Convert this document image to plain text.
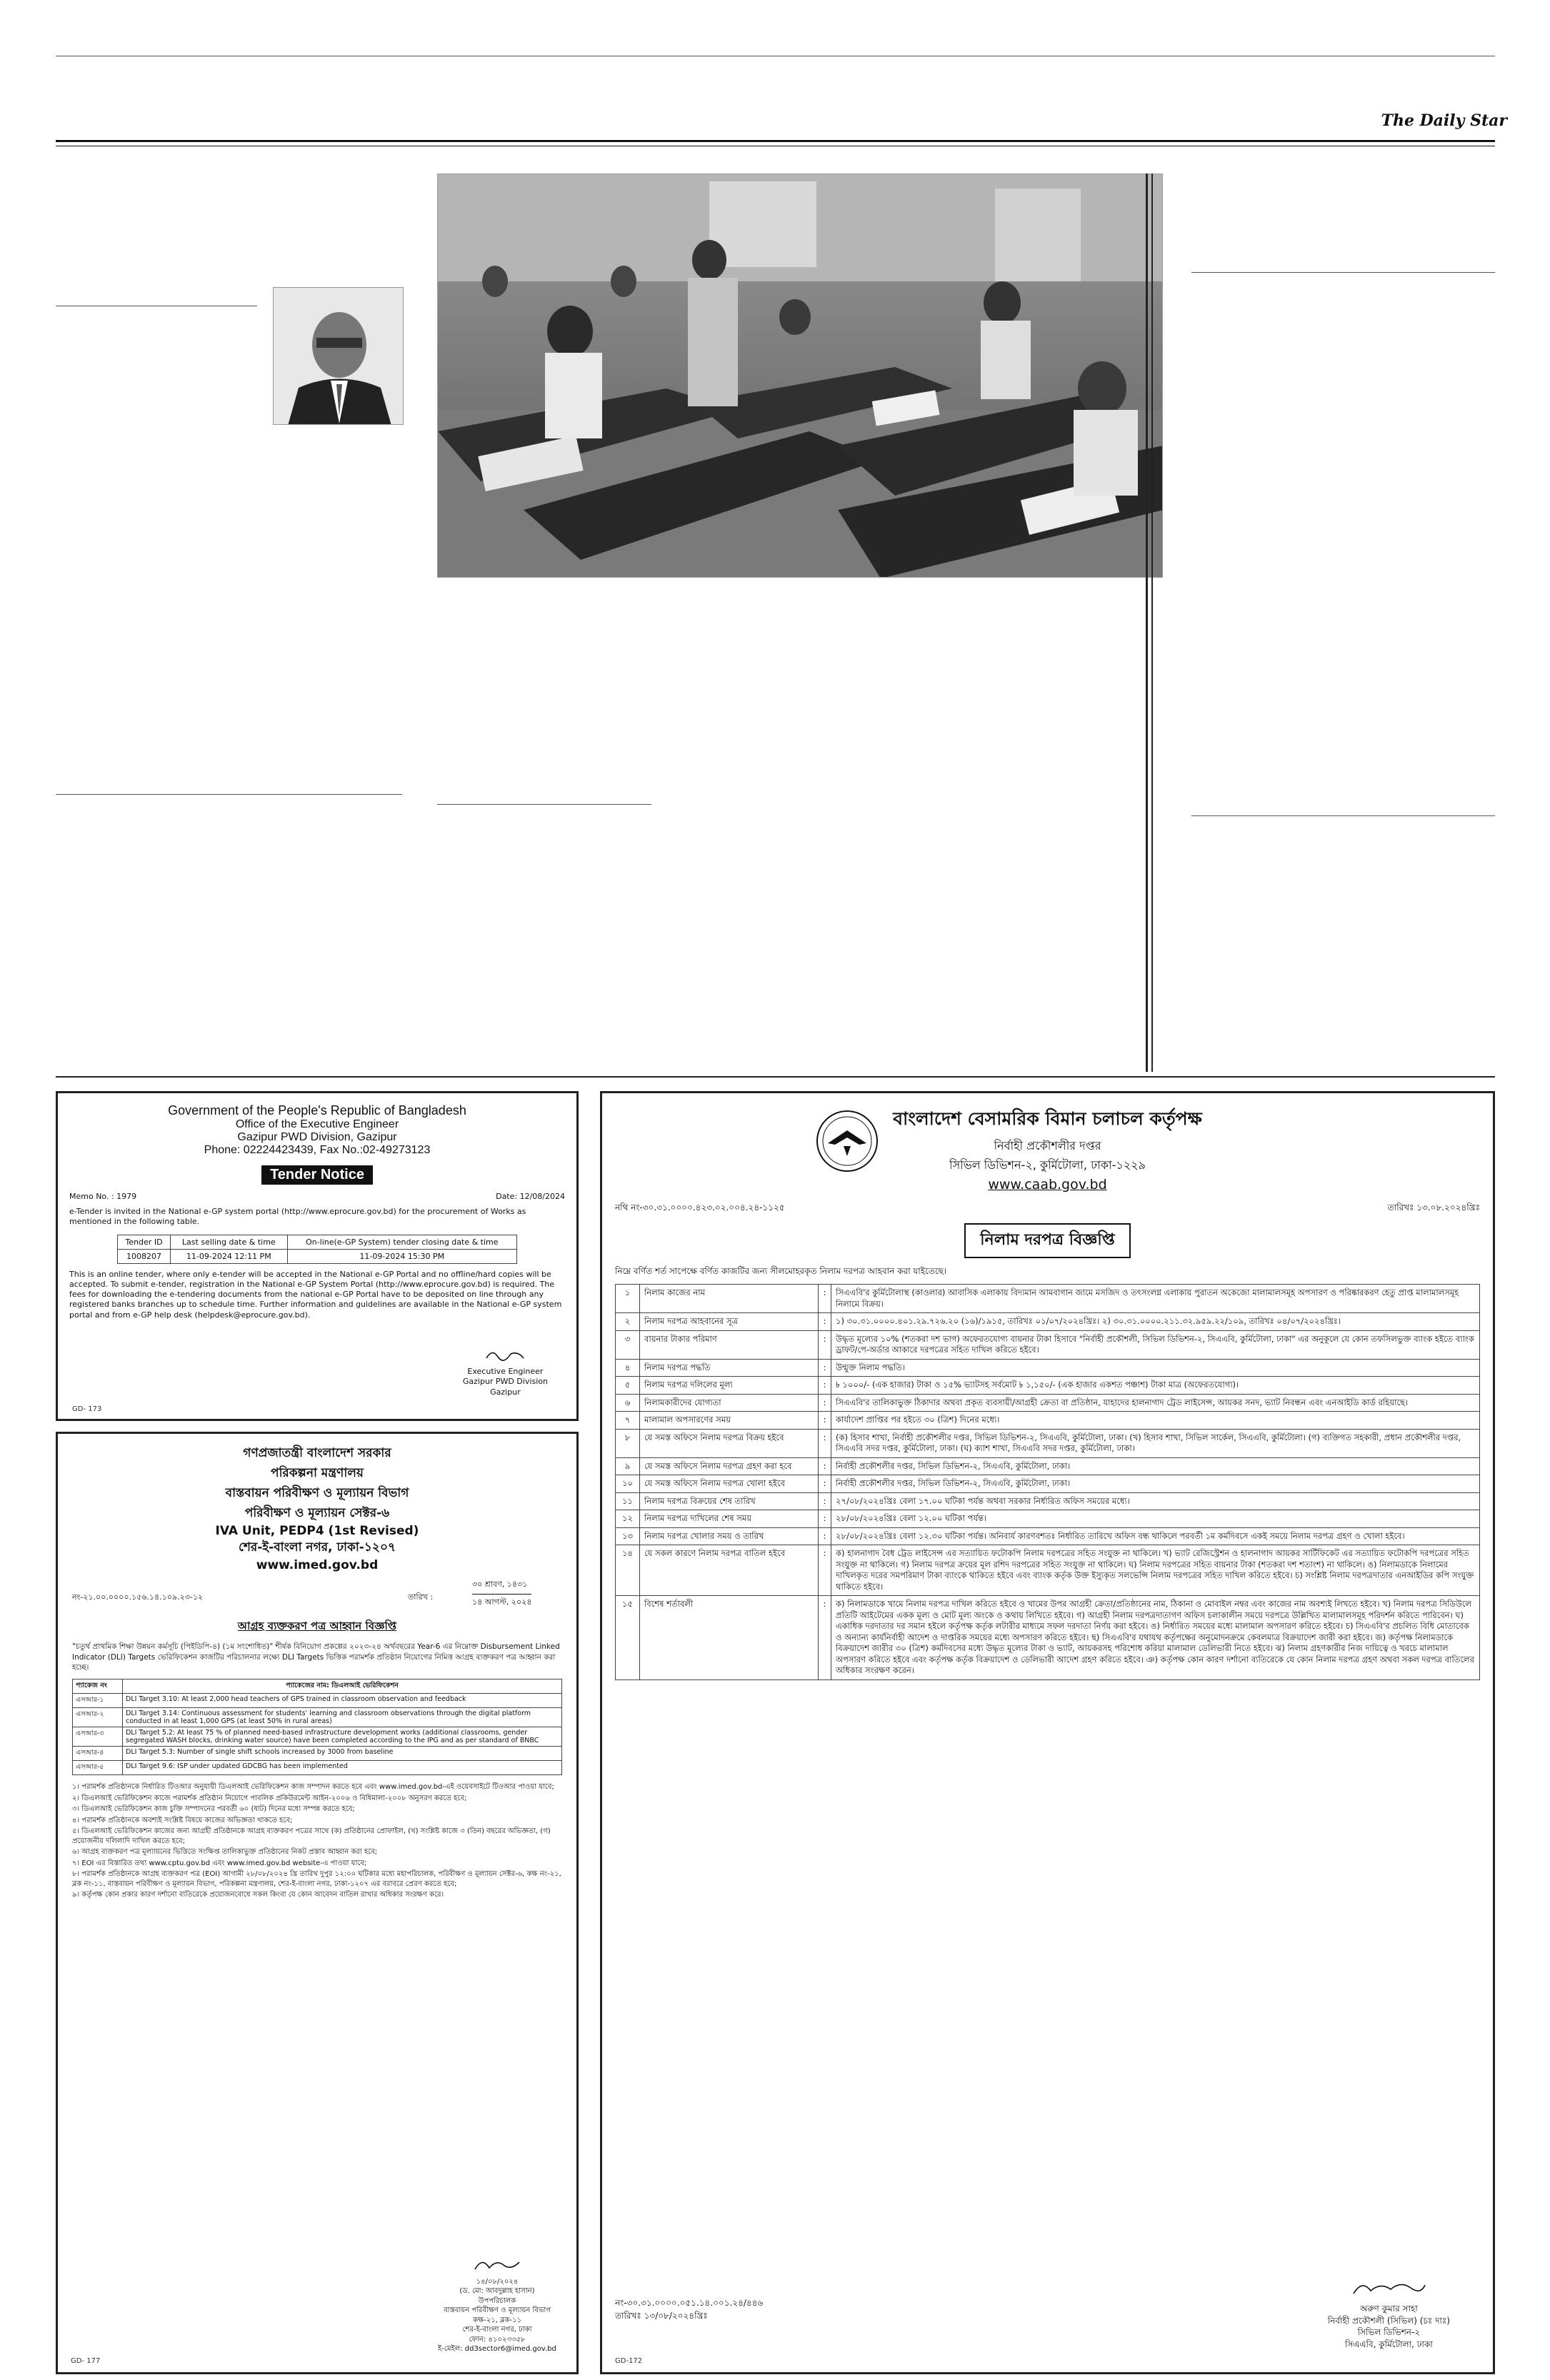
The Daily Star
Government of the People's Republic of Bangladesh
Office of the Executive Engineer
Gazipur PWD Division, Gazipur
Phone: 02224423439, Fax No.:02-49273123
Tender Notice
Memo No. : 1979	Date: 12/08/2024
e-Tender is invited in the National e-GP system portal (http://www.eprocure.gov.bd) for the procurement of Works as mentioned in the following table.
Tender ID	Last selling date & time	On-line(e-GP System) tender closing date & time
1008207	11-09-2024 12:11 PM	11-09-2024 15:30 PM
This is an online tender, where only e-tender will be accepted in the National e-GP Portal and no offline/hard copies will be accepted. To submit e-tender, registration in the National e-GP System Portal (http://www.eprocure.gov.bd) is required. The fees for downloading the e-tendering documents from the national e-GP Portal have to be deposited on line through any registered banks branches up to schedule time. Further information and guidelines are available in the National e-GP system portal and from e-GP help desk (helpdesk@eprocure.gov.bd).
Executive Engineer
Gazipur PWD Division
Gazipur
GD- 173
গণপ্রজাতন্ত্রী বাংলাদেশ সরকার
পরিকল্পনা মন্ত্রণালয়
বাস্তবায়ন পরিবীক্ষণ ও মূল্যায়ন বিভাগ
পরিবীক্ষণ ও মূল্যায়ন সেক্টর-৬
IVA Unit, PEDP4 (1st Revised)
শের-ই-বাংলা নগর, ঢাকা-১২০৭
www.imed.gov.bd
নং-২১.০০.০০০০.১৫৬.১৪.১০৯.২৩-১২	তারিখ :
৩০ শ্রাবণ, ১৪৩১
১৪ আগস্ট, ২০২৪
আগ্রহ ব্যক্তকরণ পত্র আহ্বান বিজ্ঞপ্তি
"চতুর্থ প্রাথমিক শিক্ষা উন্নয়ন কর্মসূচি (পিইডিপি-৪) (১ম সংশোধিত)" শীর্ষক বিনিয়োগ প্রকল্পের ২০২৩-২৪ অর্থবছরের Year-6 এর নিম্নোক্ত Disbursement Linked Indicator (DLI) Targets ভেরিফিকেশন কাজটির পরিচালনার লক্ষ্যে DLI Targets ভিত্তিক পরামর্শক প্রতিষ্ঠান নিয়োগের নিমিত্ত আগ্রহ ব্যক্তকরণ পত্র আহ্বান করা হচ্ছে।
প্যাকেজ নং	প্যাকেজের নাম: ডিএলআই ভেরিফিকেশন
এসআর-১	DLI Target 3.10: At least 2,000 head teachers of GPS trained in classroom observation and feedback
এসআর-২	DLI Target 3.14: Continuous assessment for students' learning and classroom observations through the digital platform conducted in at least 1,000 GPS (at least 50% in rural areas)
এসআর-৩	DLI Target 5.2: At least 75 % of planned need-based infrastructure development works (additional classrooms, gender segregated WASH blocks, drinking water source) have been completed according to the IPG and as per standard of BNBC
এসআর-৪	DLI Target 5.3: Number of single shift schools increased by 3000 from baseline
এসআর-৫	DLI Target 9.6: ISP under updated GDCBG has been implemented
১। পরামর্শক প্রতিষ্ঠানকে নির্ধারিত টিওআর অনুযায়ী ডিএলআই ভেরিফিকেশন কাজ সম্পাদন করতে হবে এবং www.imed.gov.bd-এই ওয়েবসাইটে টিওআর পাওয়া যাবে;
২। ডিএলআই ভেরিফিকেশন কাজে পরামর্শক প্রতিষ্ঠান নিয়োগে পাবলিক প্রকিউরমেন্ট আইন-২০০৬ ও বিধিমালা-২০০৮ অনুসরণ করতে হবে;
৩। ডিএলআই ভেরিফিকেশন কাজ চুক্তি সম্পাদনের পরবর্তী ৬০ (ষাট) দিনের মধ্যে সম্পন্ন করতে হবে;
৪। পরামর্শক প্রতিষ্ঠানকে অবশ্যই সংশ্লিষ্ট বিষয়ে কাজের অভিজ্ঞতা থাকতে হবে;
৫। ডিএলআই ভেরিফিকেশন কাজের জন্য আগ্রহী প্রতিষ্ঠানকে আগ্রহ ব্যক্তকরণ পত্রের সাথে (ক) প্রতিষ্ঠানের প্রোফাইল, (খ) সংশ্লিষ্ট কাজে ৩ (তিন) বছরের অভিজ্ঞতা, (গ) প্রয়োজনীয় দলিলাদি দাখিল করতে হবে;
৬। আগ্রহ ব্যক্তকরণ পত্র মূল্যায়নের ভিত্তিতে সংক্ষিপ্ত তালিকাভুক্ত প্রতিষ্ঠানের নিকট প্রস্তাব আহ্বান করা হবে;
৭। EOI এর বিস্তারিত তথ্য www.cptu.gov.bd এবং www.imed.gov.bd website-এ পাওয়া যাবে;
৮। পরামর্শক প্রতিষ্ঠানকে আগ্রহ ব্যক্তকরণ পত্র (EOI) আগামী ২৮/০৮/২০২৪ খ্রি তারিখ দুপুর ১২:০০ ঘটিকার মধ্যে মহাপরিচালক, পরিবীক্ষণ ও মূল্যায়ন সেক্টর-৬, কক্ষ নং-২১, ব্লক নং-১১, বাস্তবায়ন পরিবীক্ষণ ও মূল্যায়ন বিভাগ, পরিকল্পনা মন্ত্রণালয়, শের-ই-বাংলা নগর, ঢাকা-১২০৭ এর বরাবরে প্রেরণ করতে হবে;
৯। কর্তৃপক্ষ কোন প্রকার কারণ দর্শানো ব্যতিরেকে প্রয়োজনবোধে সকল কিংবা যে কোন আবেদন বাতিল রাখার অধিকার সংরক্ষণ করে।
১৪/০৮/২০২৪
(ড. মো: আবদুল্লাহ হাসান)
উপপরিচালক
বাস্তবায়ন পরিবীক্ষণ ও মূল্যায়ন বিভাগ
কক্ষ-২১, ব্লক-১১
শের-ই-বাংলা নগর, ঢাকা
ফোন: ৪১০২৩৩৫৮
ই-মেইল: dd3sector6@imed.gov.bd
GD- 177
বাংলাদেশ বেসামরিক বিমান চলাচল কর্তৃপক্ষ
নির্বাহী প্রকৌশলীর দপ্তর
সিভিল ডিভিশন-২, কুর্মিটোলা, ঢাকা-১২২৯
www.caab.gov.bd
নথি নং-৩০.৩১.০০০০.৪২৩.০২.০০৪.২৪-১১২৫	তারিখঃ ১৩.০৮.২০২৪খ্রিঃ
নিলাম দরপত্র বিজ্ঞপ্তি
নিম্নে বর্ণিত শর্ত সাপেক্ষে বর্ণিত কাজটির জন্য সীলমোহরকৃত নিলাম দরপত্র আহবান করা যাইতেছে।
১	নিলাম কাজের নাম	:	সিএএবি'র কুর্মিটোলাস্থ (কাওলার) আবাসিক এলাকায় বিদ্যমান আমবাগান জামে মসজিদ ও তৎসংলগ্ন এলাকায় পুরাতন অকেজো মালামালসমূহ অপসারণ ও পরিষ্কারকরণ হেতু প্রাপ্ত মালামালসমূহ নিলামে বিক্রয়।
২	নিলাম দরপত্র আহবানের সূত্র	:	১) ৩০.৩১.০০০০.৪০১.২৯.৭২৬.২০ (১৬)/১৯১৫, তারিখঃ ০১/০৭/২০২৪খ্রিঃ। ২) ৩০.৩১.০০০০.২১১.৩২.৯৫৯.২২/১০৯, তারিখঃ ০৪/০৭/২০২৪খ্রিঃ।
৩	বায়নার টাকার পরিমাণ	:	উদ্ধৃত মূল্যের ১০% (শতকরা দশ ভাগ) অফেরতযোগ্য বায়নার টাকা হিসাবে "নির্বাহী প্রকৌশলী, সিভিল ডিভিশন-২, সিএএবি, কুর্মিটোলা, ঢাকা" এর অনুকূলে যে কোন তফসিলভুক্ত ব্যাংক হইতে ব্যাংক ড্রাফট/পে-অর্ডার আকারে দরপত্রের সহিত দাখিল করিতে হইবে।
৪	নিলাম দরপত্র পদ্ধতি	:	উন্মুক্ত নিলাম পদ্ধতি।
৫	নিলাম দরপত্র দলিলের মূল্য	:	৳ ১০০০/- (এক হাজার) টাকা ও ১৫% ভ্যাটসহ সর্বমোট ৳ ১,১৫০/- (এক হাজার একশত পঞ্চাশ) টাকা মাত্র (অফেরতযোগ্য)।
৬	নিলামকারীদের যোগ্যতা	:	সিএএবি'র তালিকাভুক্ত ঠিকাদার অথবা প্রকৃত ব্যবসায়ী/আগ্রহী ক্রেতা বা প্রতিষ্ঠান, যাহাদের হালনাগাদ ট্রেড লাইসেন্স, আয়কর সনদ, ভ্যাট নিবন্ধন এবং এনআইডি কার্ড রহিয়াছে।
৭	মালামাল অপসারণের সময়	:	কার্যাদেশ প্রাপ্তির পর হইতে ৩০ (ত্রিশ) দিনের মধ্যে।
৮	যে সমস্ত অফিসে নিলাম দরপত্র বিক্রয় হইবে	:	(ক) হিসাব শাখা, নির্বাহী প্রকৌশলীর দপ্তর, সিভিল ডিভিশন-২, সিএএবি, কুর্মিটোলা, ঢাকা। (খ) হিসাব শাখা, সিভিল সার্কেল, সিএএবি, কুর্মিটোলা। (গ) ব্যক্তিগত সহকারী, প্রধান প্রকৌশলীর দপ্তর, সিএএবি সদর দপ্তর, কুর্মিটোলা, ঢাকা। (ঘ) ক্যাশ শাখা, সিএএবি সদর দপ্তর, কুর্মিটোলা, ঢাকা।
৯	যে সমস্ত অফিসে নিলাম দরপত্র গ্রহণ করা হবে	:	নির্বাহী প্রকৌশলীর দপ্তর, সিভিল ডিভিশন-২, সিএএবি, কুর্মিটোলা, ঢাকা।
১০	যে সমস্ত অফিসে নিলাম দরপত্র খোলা হইবে	:	নির্বাহী প্রকৌশলীর দপ্তর, সিভিল ডিভিশন-২, সিএএবি, কুর্মিটোলা, ঢাকা।
১১	নিলাম দরপত্র বিক্রয়ের শেষ তারিখ	:	২৭/০৮/২০২৪খ্রিঃ বেলা ১৭.০০ ঘটিকা পর্যন্ত অথবা সরকার নির্ধারিত অফিস সময়ের মধ্যে।
১২	নিলাম দরপত্র দাখিলের শেষ সময়	:	২৮/০৮/২০২৪খ্রিঃ বেলা ১২.০০ ঘটিকা পর্যন্ত।
১৩	নিলাম দরপত্র খোলার সময় ও তারিখ	:	২৮/০৮/২০২৪খ্রিঃ বেলা ১২.৩০ ঘটিকা পর্যন্ত। অনিবার্য কারণবশতঃ নির্ধারিত তারিখে অফিস বন্ধ থাকিলে পরবর্তী ১ম কর্মদিবসে একই সময়ে নিলাম দরপত্র গ্রহণ ও খোলা হইবে।
১৪	যে সকল কারণে নিলাম দরপত্র বাতিল হইবে	:	ক) হালনাগাদ বৈধ ট্রেড লাইসেন্স এর সত্যায়িত ফটোকপি নিলাম দরপত্রের সহিত সংযুক্ত না থাকিলে। খ) ভ্যাট রেজিস্ট্রেশন ও হালনাগাদ আয়কর সার্টিফিকেট এর সত্যায়িত ফটোকপি দরপত্রের সহিত সংযুক্ত না থাকিলে। গ) নিলাম দরপত্র ক্রয়ের মূল রশিদ দরপত্রের সহিত সংযুক্ত না থাকিলে। ঘ) নিলাম দরপত্রের সহিত বায়নার টাকা (শতকরা দশ শতাংশ) না থাকিলে। ঙ) নিলামডাকে নিলামের দাখিলকৃত দরের সমপরিমাণ টাকা ব্যাংকে থাকিতে হইবে এবং ব্যাংক কর্তৃক উক্ত ইস্যুকৃত সলভেন্সি নিলাম দরপত্রের সহিত দাখিল করিতে হইবে। চ) সংশ্লিষ্ট নিলাম দরপত্রদাতার এনআইডির কপি সংযুক্ত থাকিতে হইবে।
১৫	বিশেষ শর্তাবলী	:	ক) নিলামডাকে খামে নিলাম দরপত্র দাখিল করিতে হইবে ও খামের উপর আগ্রহী ক্রেতা/প্রতিষ্ঠানের নাম, ঠিকানা ও মোবাইল নম্বর এবং কাজের নাম অবশ্যই লিখতে হইবে। খ) নিলাম দরপত্র সিডিউলে প্রতিটি আইটেমের একক মূল্য ও মোট মূল্য অংকে ও কথায় লিখিতে হইবে। গ) আগ্রহী নিলাম দরপত্রদাতাগণ অফিস চলাকালীন সময়ে দরপত্রে উল্লিখিত মালামালসমূহ পরিদর্শন করিতে পারিবেন। ঘ) একাধিক দরদাতার দর সমান হইলে কর্তৃপক্ষ কর্তৃক লটারীর মাধ্যমে সফল দরদাতা নির্ণয় করা হইবে। ঙ) নির্ধারিত সময়ের মধ্যে মালামাল অপসারণ করিতে হইবে। চ) সিএএবি'র প্রচলিত বিধি মোতাবেক ও অন্যান্য কার্যনির্বাহী আদেশ ও দাপ্তরিক সময়ের মধ্যে অপসারণ করিতে হইবে। ছ) সিএএবি'র যথাযথ কর্তৃপক্ষের অনুমোদনক্রমে কেবলমাত্র বিক্রয়াদেশ জারী করা হইবে। জ) কর্তৃপক্ষ নিলামডাকে বিক্রয়াদেশ জারীর ৩০ (ত্রিশ) কর্মদিবসের মধ্যে উদ্ধৃত মূল্যের টাকা ও ভ্যাট, আয়করসহ পরিশোধ করিয়া মালামাল ডেলিভারী নিতে হইবে। ঝ) নিলাম গ্রহণকারীর নিজ দায়িত্বে ও খরচে মালামাল অপসারণ করিতে হইবে এবং কর্তৃপক্ষ কর্তৃক বিক্রয়াদেশ ও ডেলিভারী আদেশ গ্রহণ করিতে হইবে। ঞ) কর্তৃপক্ষ কোন কারণ দর্শানো ব্যতিরেকে যে কোন নিলাম দরপত্র গ্রহণ অথবা সকল দরপত্র বাতিলের অধিকার সংরক্ষণ করেন।
নং-৩০.৩১.০০০০.০৫১.১৪.০০১.২৪/৪৪৬
তারিখঃ ১৩/০৮/২০২৪খ্রিঃ
অরুণ কুমার সাহা
নির্বাহী প্রকৌশলী (সিভিল) (চঃ দাঃ)
সিভিল ডিভিশন-২
সিএএবি, কুর্মিটোলা, ঢাকা
GD-172
